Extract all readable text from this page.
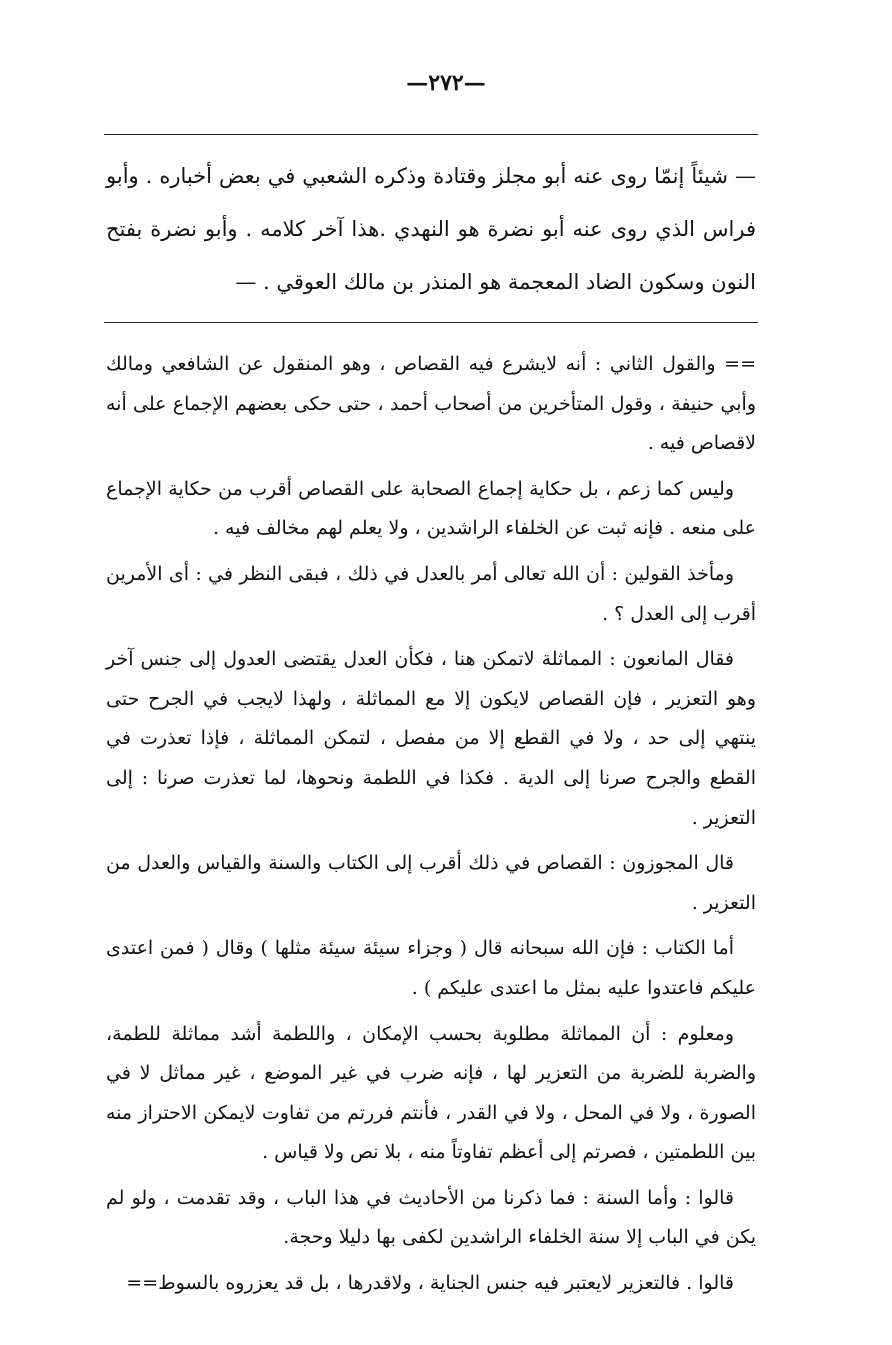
—٢٧٢—

— شيئاً إنمّا روى عنه أبو مجلز وقتادة وذكره الشعبي في بعض أخباره . وأبو فراس الذي روى عنه أبو نضرة هو النهدي .هذا آخر كلامه . وأبو نضرة بفتح النون وسكون الضاد المعجمة هو المنذر بن مالك العوقي . —

== والقول الثاني : أنه لايشرع فيه القصاص ، وهو المنقول عن الشافعي ومالك وأبي حنيفة ، وقول المتأخرين من أصحاب أحمد ، حتى حكى بعضهم الإجماع على أنه لاقصاص فيه .

وليس كما زعم ، بل حكاية إجماع الصحابة على القصاص أقرب من حكاية الإجماع على منعه . فإنه ثبت عن الخلفاء الراشدين ، ولا يعلم لهم مخالف فيه .

ومأخذ القولين : أن الله تعالى أمر بالعدل في ذلك ، فبقى النظر في : أى الأمرين أقرب إلى العدل ؟ .

فقال المانعون : المماثلة لاتمكن هنا ، فكأن العدل يقتضى العدول إلى جنس آخر وهو التعزير ، فإن القصاص لايكون إلا مع المماثلة ، ولهذا لايجب في الجرح حتى ينتهي إلى حد ، ولا في القطع إلا من مفصل ، لتمكن المماثلة ، فإذا تعذرت في القطع والجرح صرنا إلى الدية . فكذا في اللطمة ونحوها، لما تعذرت صرنا : إلى التعزير .

قال المجوزون : القصاص في ذلك أقرب إلى الكتاب والسنة والقياس والعدل من التعزير .

أما الكتاب : فإن الله سبحانه قال ( وجزاء سيئة سيئة مثلها ) وقال ( فمن اعتدى عليكم فاعتدوا عليه بمثل ما اعتدى عليكم ) .

ومعلوم : أن المماثلة مطلوبة بحسب الإمكان ، واللطمة أشد مماثلة للطمة، والضربة للضربة من التعزير لها ، فإنه ضرب في غير الموضع ، غير مماثل لا في الصورة ، ولا في المحل ، ولا في القدر ، فأنتم فررتم من تفاوت لايمكن الاحتراز منه بين اللطمتين ، فصرتم إلى أعظم تفاوتاً منه ، بلا نص ولا قياس .

قالوا : وأما السنة : فما ذكرنا من الأحاديث في هذا الباب ، وقد تقدمت ، ولو لم يكن في الباب إلا سنة الخلفاء الراشدين لكفى بها دليلا وحجة.

قالوا . فالتعزير لايعتبر فيه جنس الجناية ، ولاقدرها ، بل قد يعزروه بالسوط==
